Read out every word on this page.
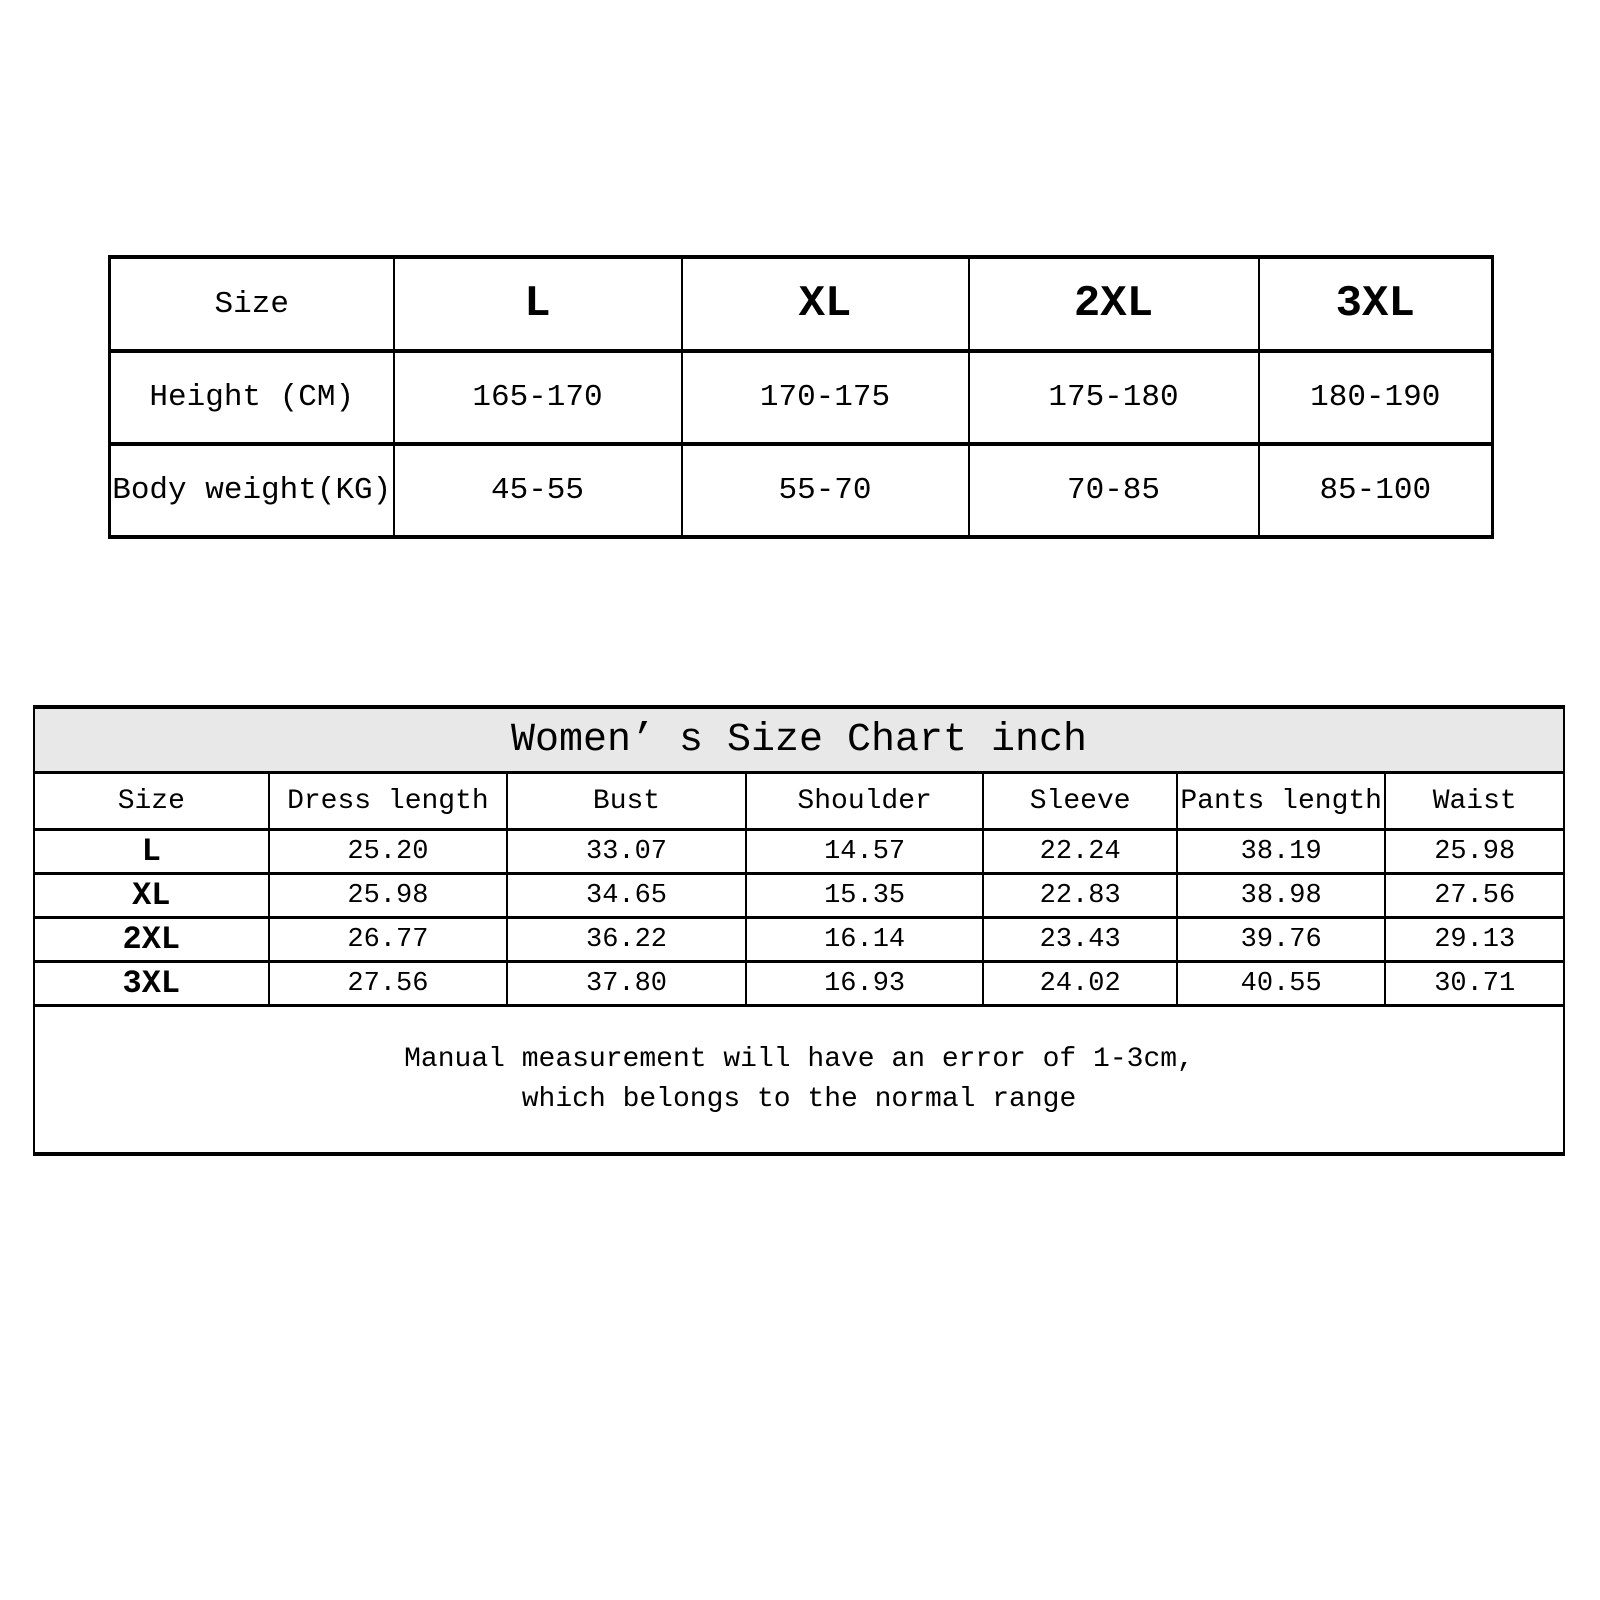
Size	L	XL	2XL	3XL
Height (CM)	165-170	170-175	175-180	180-190
Body weight(KG)	45-55	55-70	70-85	85-100
Women’ s Size Chart inch						
Size	Dress length	Bust	Shoulder	Sleeve	Pants length	Waist
L	25.20	33.07	14.57	22.24	38.19	25.98
XL	25.98	34.65	15.35	22.83	38.98	27.56
2XL	26.77	36.22	16.14	23.43	39.76	29.13
3XL	27.56	37.80	16.93	24.02	40.55	30.71

Manual measurement will have an error of 1-3cm,
which belongs to the normal range						
